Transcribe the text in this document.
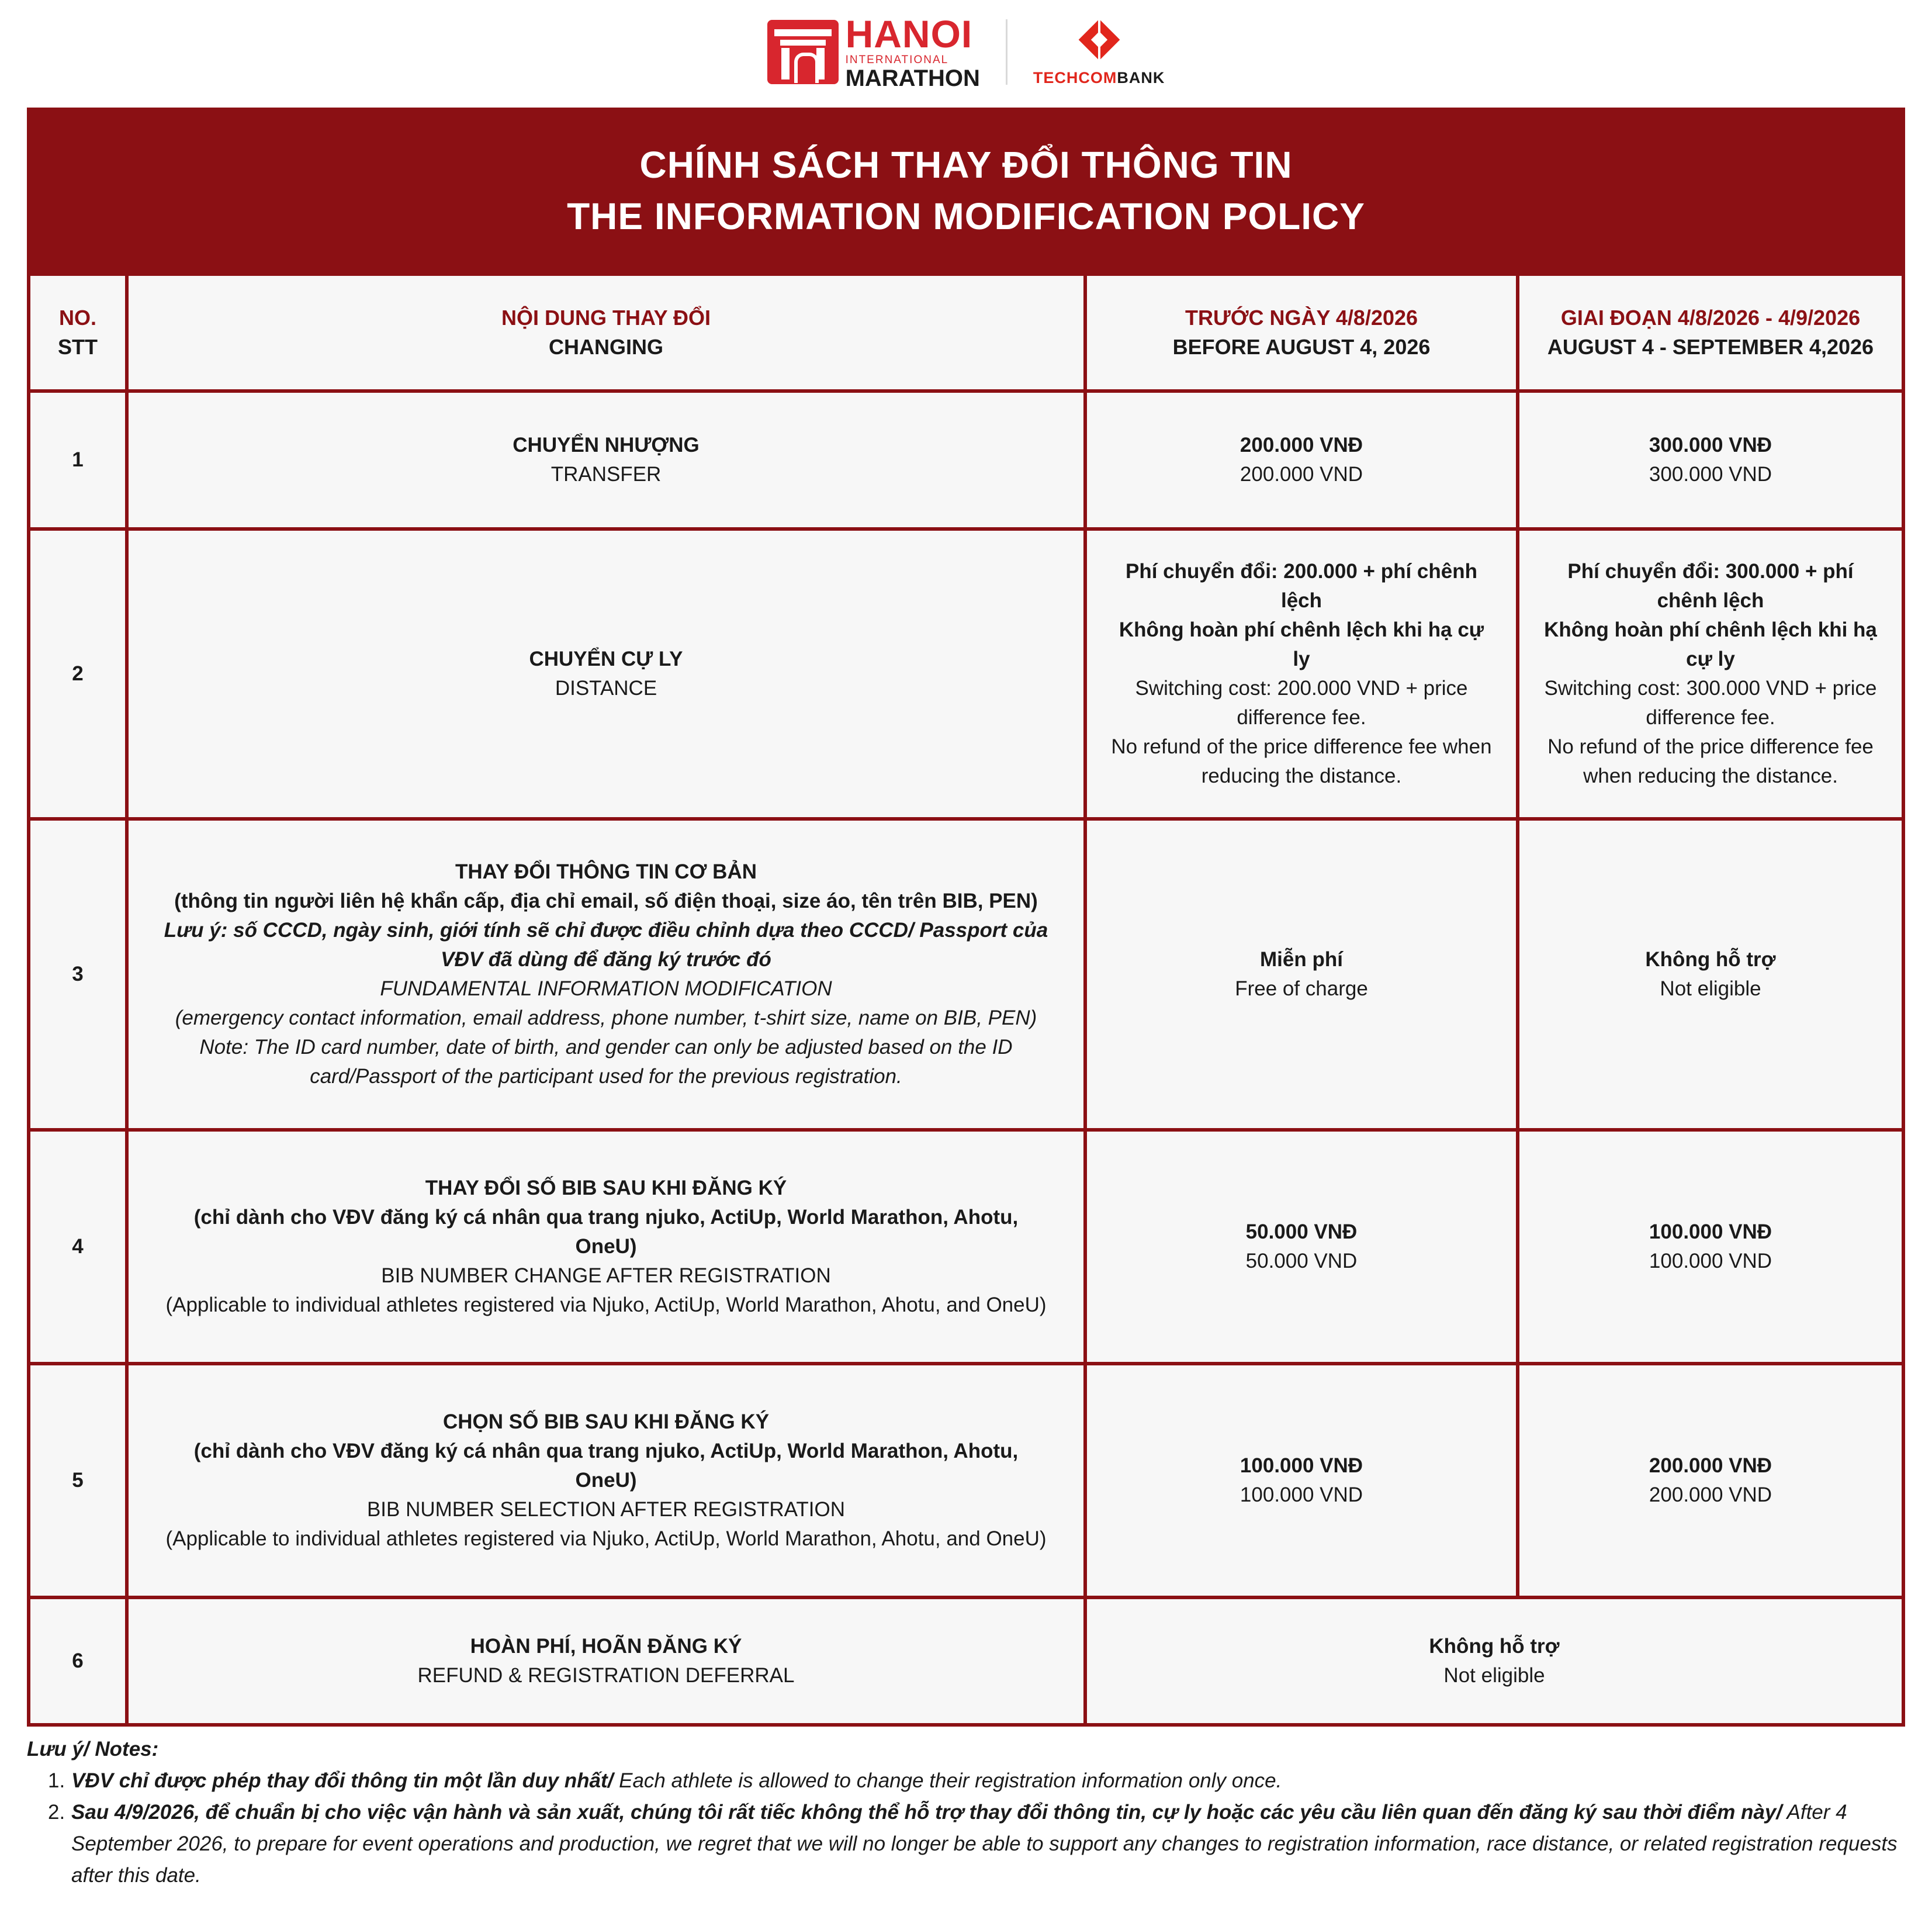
HANOI
INTERNATIONAL
MARATHON	TECHCOMBANK
CHÍNH SÁCH THAY ĐỔI THÔNG TIN
THE INFORMATION MODIFICATION POLICY
NO.
STT
NỘI DUNG THAY ĐỔI
CHANGING
TRƯỚC NGÀY 4/8/2026
BEFORE AUGUST 4, 2026
GIAI ĐOẠN 4/8/2026 - 4/9/2026
AUGUST 4 - SEPTEMBER 4,2026
1
CHUYỂN NHƯỢNG
TRANSFER
200.000 VNĐ
200.000 VND
300.000 VNĐ
300.000 VND
2
CHUYỂN CỰ LY
DISTANCE
Phí chuyển đổi: 200.000 + phí chênh lệch
Không hoàn phí chênh lệch khi hạ cự ly
Switching cost: 200.000 VND + price difference fee.
No refund of the price difference fee when reducing the distance.
Phí chuyển đổi: 300.000 + phí chênh lệch
Không hoàn phí chênh lệch khi hạ cự ly
Switching cost: 300.000 VND + price difference fee.
No refund of the price difference fee when reducing the distance.
3
THAY ĐỔI THÔNG TIN CƠ BẢN
(thông tin người liên hệ khẩn cấp, địa chỉ email, số điện thoại, size áo, tên trên BIB, PEN)
Lưu ý: số CCCD, ngày sinh, giới tính sẽ chỉ được điều chỉnh dựa theo CCCD/ Passport của VĐV đã dùng để đăng ký trước đó
FUNDAMENTAL INFORMATION MODIFICATION
(emergency contact information, email address, phone number, t-shirt size, name on BIB, PEN)
Note: The ID card number, date of birth, and gender can only be adjusted based on the ID card/Passport of the participant used for the previous registration.
Miễn phí
Free of charge
Không hỗ trợ
Not eligible
4
THAY ĐỔI SỐ BIB SAU KHI ĐĂNG KÝ
(chỉ dành cho VĐV đăng ký cá nhân qua trang njuko, ActiUp, World Marathon, Ahotu, OneU)
BIB NUMBER CHANGE AFTER REGISTRATION
(Applicable to individual athletes registered via Njuko, ActiUp, World Marathon, Ahotu, and OneU)
50.000 VNĐ
50.000 VND
100.000 VNĐ
100.000 VND
5
CHỌN SỐ BIB SAU KHI ĐĂNG KÝ
(chỉ dành cho VĐV đăng ký cá nhân qua trang njuko, ActiUp, World Marathon, Ahotu, OneU)
BIB NUMBER SELECTION AFTER REGISTRATION
(Applicable to individual athletes registered via Njuko, ActiUp, World Marathon, Ahotu, and OneU)
100.000 VNĐ
100.000 VND
200.000 VNĐ
200.000 VND
6
HOÀN PHÍ, HOÃN ĐĂNG KÝ
REFUND & REGISTRATION DEFERRAL
Không hỗ trợ
Not eligible
Lưu ý/ Notes:
1. VĐV chỉ được phép thay đổi thông tin một lần duy nhất/ Each athlete is allowed to change their registration information only once.
2. Sau 4/9/2026, để chuẩn bị cho việc vận hành và sản xuất, chúng tôi rất tiếc không thể hỗ trợ thay đổi thông tin, cự ly hoặc các yêu cầu liên quan đến đăng ký sau thời điểm này/ After 4 September 2026, to prepare for event operations and production, we regret that we will no longer be able to support any changes to registration information, race distance, or related registration requests after this date.
